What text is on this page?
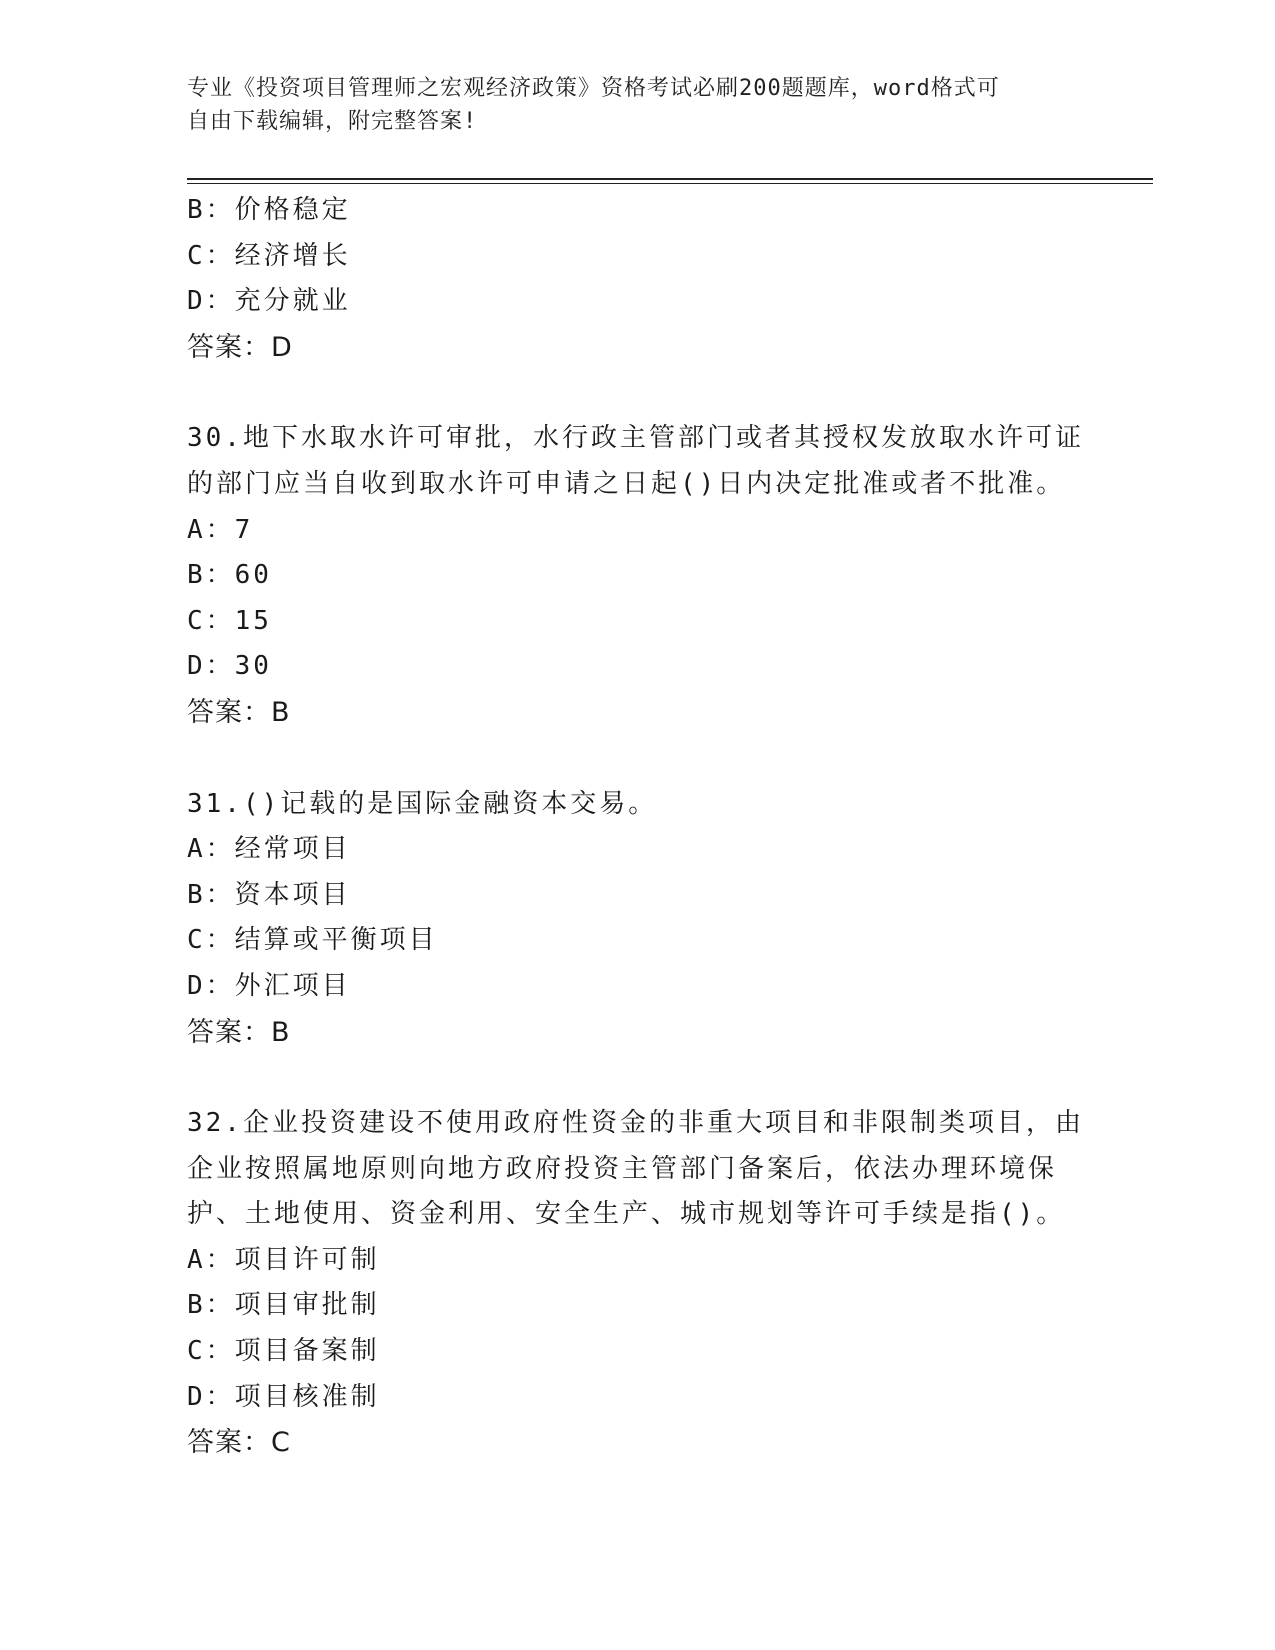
专业《投资项目管理师之宏观经济政策》资格考试必刷200题题库，word格式可
自由下载编辑，附完整答案!
B：价格稳定
C：经济增长
D：充分就业
答案：D
30.地下水取水许可审批，水行政主管部门或者其授权发放取水许可证
的部门应当自收到取水许可申请之日起()日内决定批准或者不批准。
A：7
B：60
C：15
D：30
答案：B
31.()记载的是国际金融资本交易。
A：经常项目
B：资本项目
C：结算或平衡项目
D：外汇项目
答案：B
32.企业投资建设不使用政府性资金的非重大项目和非限制类项目，由
企业按照属地原则向地方政府投资主管部门备案后，依法办理环境保
护、土地使用、资金利用、安全生产、城市规划等许可手续是指()。
A：项目许可制
B：项目审批制
C：项目备案制
D：项目核准制
答案：C
